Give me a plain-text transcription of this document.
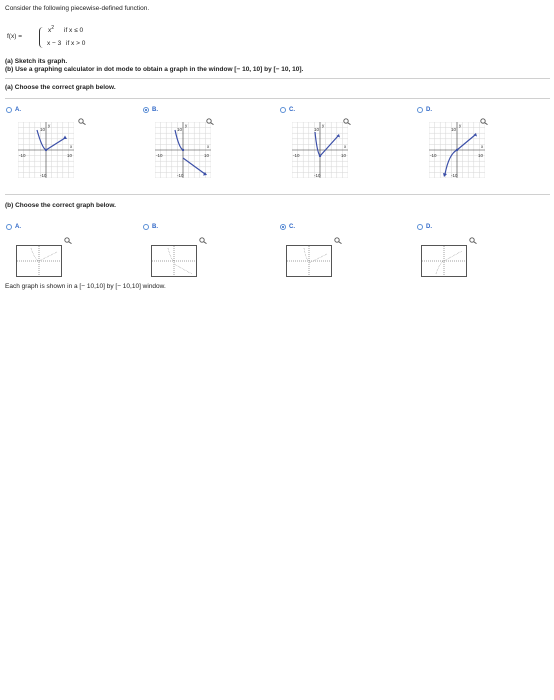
Consider the following piecewise-defined function.
f(x) =
$x^2$ if x ≤ 0
x − 3 if x > 0
(a) Sketch its graph.
(b) Use a graphing calculator in dot mode to obtain a graph in the window [− 10, 10] by [− 10, 10].
(a) Choose the correct graph below.
A.	B.	C.	D.
10
-10	10
-10
y
x
10
-10	10
-10
y
x
10
-10	10
-10
y
x
10
-10	10
-10
y
x
(b) Choose the correct graph below.
A.	B.	C.	D.
Each graph is shown in a [− 10,10] by [− 10,10] window.
